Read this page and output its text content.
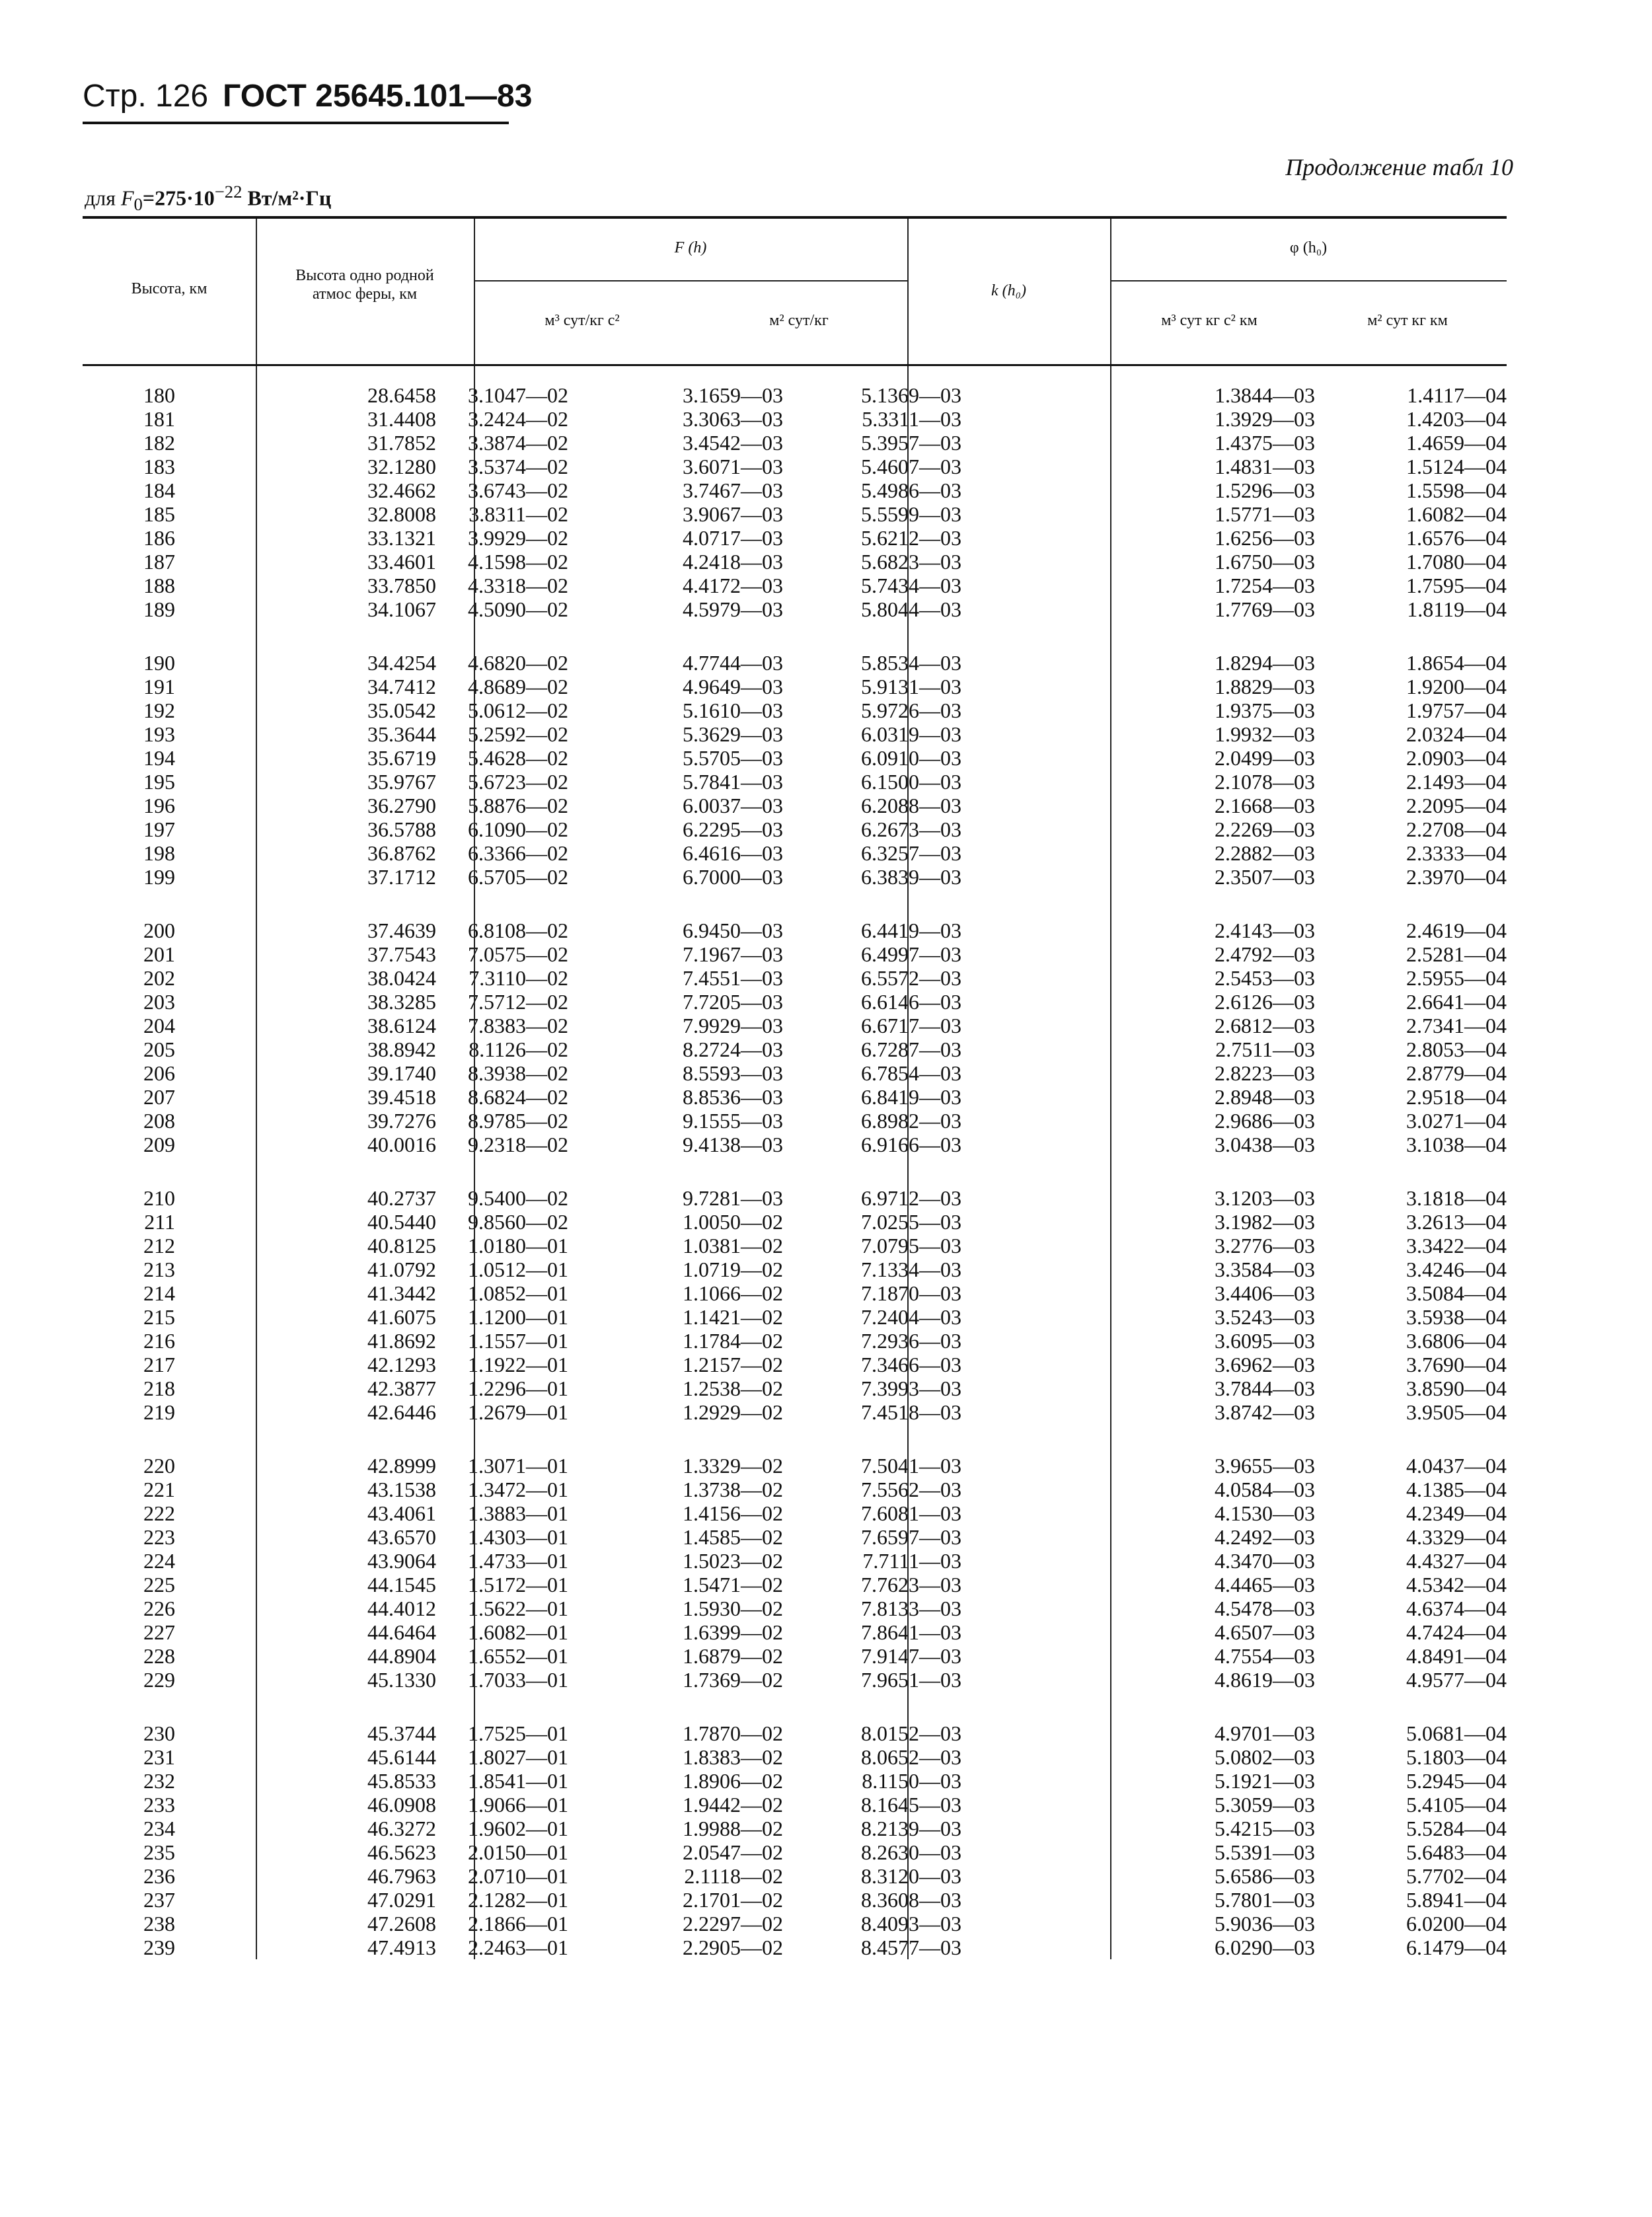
Стр. 126 ГОСТ 25645.101—83
Продолжение табл 10
для $F_0=275\cdot 10^{-22}$ Вт/м²·Гц
Высота, км
Высота одно родной атмос феры, км
F (h)
м³ сут/кг с²	м² сут/кг
k (h₀)
φ (h₀)
м³ сут кг с² км	м² сут кг км
180	28.6458	3.1047—02	3.1659—03	5.1369—03	1.3844—03	1.4117—04
181	31.4408	3.2424—02	3.3063—03	5.3311—03	1.3929—03	1.4203—04
182	31.7852	3.3874—02	3.4542—03	5.3957—03	1.4375—03	1.4659—04
183	32.1280	3.5374—02	3.6071—03	5.4607—03	1.4831—03	1.5124—04
184	32.4662	3.6743—02	3.7467—03	5.4986—03	1.5296—03	1.5598—04
185	32.8008	3.8311—02	3.9067—03	5.5599—03	1.5771—03	1.6082—04
186	33.1321	3.9929—02	4.0717—03	5.6212—03	1.6256—03	1.6576—04
187	33.4601	4.1598—02	4.2418—03	5.6823—03	1.6750—03	1.7080—04
188	33.7850	4.3318—02	4.4172—03	5.7434—03	1.7254—03	1.7595—04
189	34.1067	4.5090—02	4.5979—03	5.8044—03	1.7769—03	1.8119—04
190	34.4254	4.6820—02	4.7744—03	5.8534—03	1.8294—03	1.8654—04
191	34.7412	4.8689—02	4.9649—03	5.9131—03	1.8829—03	1.9200—04
192	35.0542	5.0612—02	5.1610—03	5.9726—03	1.9375—03	1.9757—04
193	35.3644	5.2592—02	5.3629—03	6.0319—03	1.9932—03	2.0324—04
194	35.6719	5.4628—02	5.5705—03	6.0910—03	2.0499—03	2.0903—04
195	35.9767	5.6723—02	5.7841—03	6.1500—03	2.1078—03	2.1493—04
196	36.2790	5.8876—02	6.0037—03	6.2088—03	2.1668—03	2.2095—04
197	36.5788	6.1090—02	6.2295—03	6.2673—03	2.2269—03	2.2708—04
198	36.8762	6.3366—02	6.4616—03	6.3257—03	2.2882—03	2.3333—04
199	37.1712	6.5705—02	6.7000—03	6.3839—03	2.3507—03	2.3970—04
200	37.4639	6.8108—02	6.9450—03	6.4419—03	2.4143—03	2.4619—04
201	37.7543	7.0575—02	7.1967—03	6.4997—03	2.4792—03	2.5281—04
202	38.0424	7.3110—02	7.4551—03	6.5572—03	2.5453—03	2.5955—04
203	38.3285	7.5712—02	7.7205—03	6.6146—03	2.6126—03	2.6641—04
204	38.6124	7.8383—02	7.9929—03	6.6717—03	2.6812—03	2.7341—04
205	38.8942	8.1126—02	8.2724—03	6.7287—03	2.7511—03	2.8053—04
206	39.1740	8.3938—02	8.5593—03	6.7854—03	2.8223—03	2.8779—04
207	39.4518	8.6824—02	8.8536—03	6.8419—03	2.8948—03	2.9518—04
208	39.7276	8.9785—02	9.1555—03	6.8982—03	2.9686—03	3.0271—04
209	40.0016	9.2318—02	9.4138—03	6.9166—03	3.0438—03	3.1038—04
210	40.2737	9.5400—02	9.7281—03	6.9712—03	3.1203—03	3.1818—04
211	40.5440	9.8560—02	1.0050—02	7.0255—03	3.1982—03	3.2613—04
212	40.8125	1.0180—01	1.0381—02	7.0795—03	3.2776—03	3.3422—04
213	41.0792	1.0512—01	1.0719—02	7.1334—03	3.3584—03	3.4246—04
214	41.3442	1.0852—01	1.1066—02	7.1870—03	3.4406—03	3.5084—04
215	41.6075	1.1200—01	1.1421—02	7.2404—03	3.5243—03	3.5938—04
216	41.8692	1.1557—01	1.1784—02	7.2936—03	3.6095—03	3.6806—04
217	42.1293	1.1922—01	1.2157—02	7.3466—03	3.6962—03	3.7690—04
218	42.3877	1.2296—01	1.2538—02	7.3993—03	3.7844—03	3.8590—04
219	42.6446	1.2679—01	1.2929—02	7.4518—03	3.8742—03	3.9505—04
220	42.8999	1.3071—01	1.3329—02	7.5041—03	3.9655—03	4.0437—04
221	43.1538	1.3472—01	1.3738—02	7.5562—03	4.0584—03	4.1385—04
222	43.4061	1.3883—01	1.4156—02	7.6081—03	4.1530—03	4.2349—04
223	43.6570	1.4303—01	1.4585—02	7.6597—03	4.2492—03	4.3329—04
224	43.9064	1.4733—01	1.5023—02	7.7111—03	4.3470—03	4.4327—04
225	44.1545	1.5172—01	1.5471—02	7.7623—03	4.4465—03	4.5342—04
226	44.4012	1.5622—01	1.5930—02	7.8133—03	4.5478—03	4.6374—04
227	44.6464	1.6082—01	1.6399—02	7.8641—03	4.6507—03	4.7424—04
228	44.8904	1.6552—01	1.6879—02	7.9147—03	4.7554—03	4.8491—04
229	45.1330	1.7033—01	1.7369—02	7.9651—03	4.8619—03	4.9577—04
230	45.3744	1.7525—01	1.7870—02	8.0152—03	4.9701—03	5.0681—04
231	45.6144	1.8027—01	1.8383—02	8.0652—03	5.0802—03	5.1803—04
232	45.8533	1.8541—01	1.8906—02	8.1150—03	5.1921—03	5.2945—04
233	46.0908	1.9066—01	1.9442—02	8.1645—03	5.3059—03	5.4105—04
234	46.3272	1.9602—01	1.9988—02	8.2139—03	5.4215—03	5.5284—04
235	46.5623	2.0150—01	2.0547—02	8.2630—03	5.5391—03	5.6483—04
236	46.7963	2.0710—01	2.1118—02	8.3120—03	5.6586—03	5.7702—04
237	47.0291	2.1282—01	2.1701—02	8.3608—03	5.7801—03	5.8941—04
238	47.2608	2.1866—01	2.2297—02	8.4093—03	5.9036—03	6.0200—04
239	47.4913	2.2463—01	2.2905—02	8.4577—03	6.0290—03	6.1479—04
